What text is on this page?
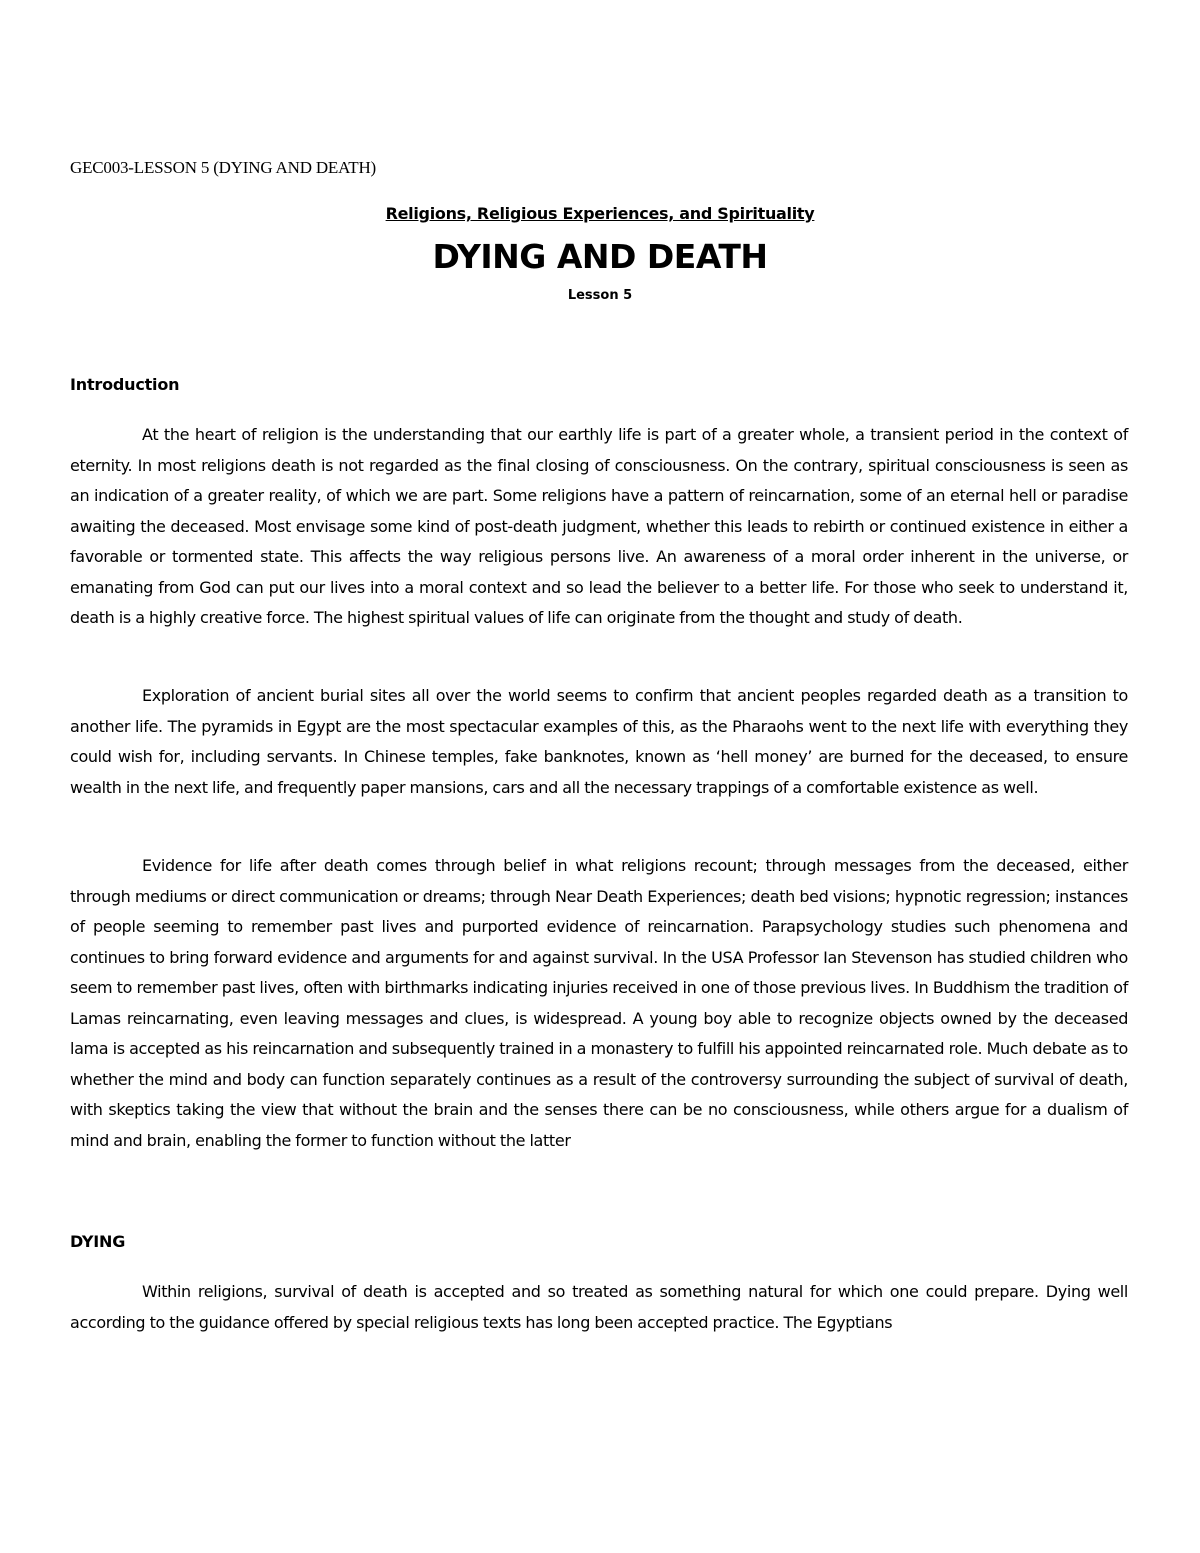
GEC003-LESSON 5 (DYING AND DEATH)
Religions, Religious Experiences, and Spirituality
DYING AND DEATH
Lesson 5
Introduction

At the heart of religion is the understanding that our earthly life is part of a greater whole, a transient period in the context of eternity. In most religions death is not regarded as the final closing of consciousness. On the contrary, spiritual consciousness is seen as an indication of a greater reality, of which we are part. Some religions have a pattern of reincarnation, some of an eternal hell or paradise awaiting the deceased. Most envisage some kind of post-death judgment, whether this leads to rebirth or continued existence in either a favorable or tormented state. This affects the way religious persons live. An awareness of a moral order inherent in the universe, or emanating from God can put our lives into a moral context and so lead the believer to a better life. For those who seek to understand it, death is a highly creative force. The highest spiritual values of life can originate from the thought and study of death.

Exploration of ancient burial sites all over the world seems to confirm that ancient peoples regarded death as a transition to another life. The pyramids in Egypt are the most spectacular examples of this, as the Pharaohs went to the next life with everything they could wish for, including servants. In Chinese temples, fake banknotes, known as ‘hell money’ are burned for the deceased, to ensure wealth in the next life, and frequently paper mansions, cars and all the necessary trappings of a comfortable existence as well.

Evidence for life after death comes through belief in what religions recount; through messages from the deceased, either through mediums or direct communication or dreams; through Near Death Experiences; death bed visions; hypnotic regression; instances of people seeming to remember past lives and purported evidence of reincarnation. Parapsychology studies such phenomena and continues to bring forward evidence and arguments for and against survival. In the USA Professor Ian Stevenson has studied children who seem to remember past lives, often with birthmarks indicating injuries received in one of those previous lives. In Buddhism the tradition of Lamas reincarnating, even leaving messages and clues, is widespread. A young boy able to recognize objects owned by the deceased lama is accepted as his reincarnation and subsequently trained in a monastery to fulfill his appointed reincarnated role. Much debate as to whether the mind and body can function separately continues as a result of the controversy surrounding the subject of survival of death, with skeptics taking the view that without the brain and the senses there can be no consciousness, while others argue for a dualism of mind and brain, enabling the former to function without the latter

DYING

Within religions, survival of death is accepted and so treated as something natural for which one could prepare. Dying well according to the guidance offered by special religious texts has long been accepted practice. The Egyptians
